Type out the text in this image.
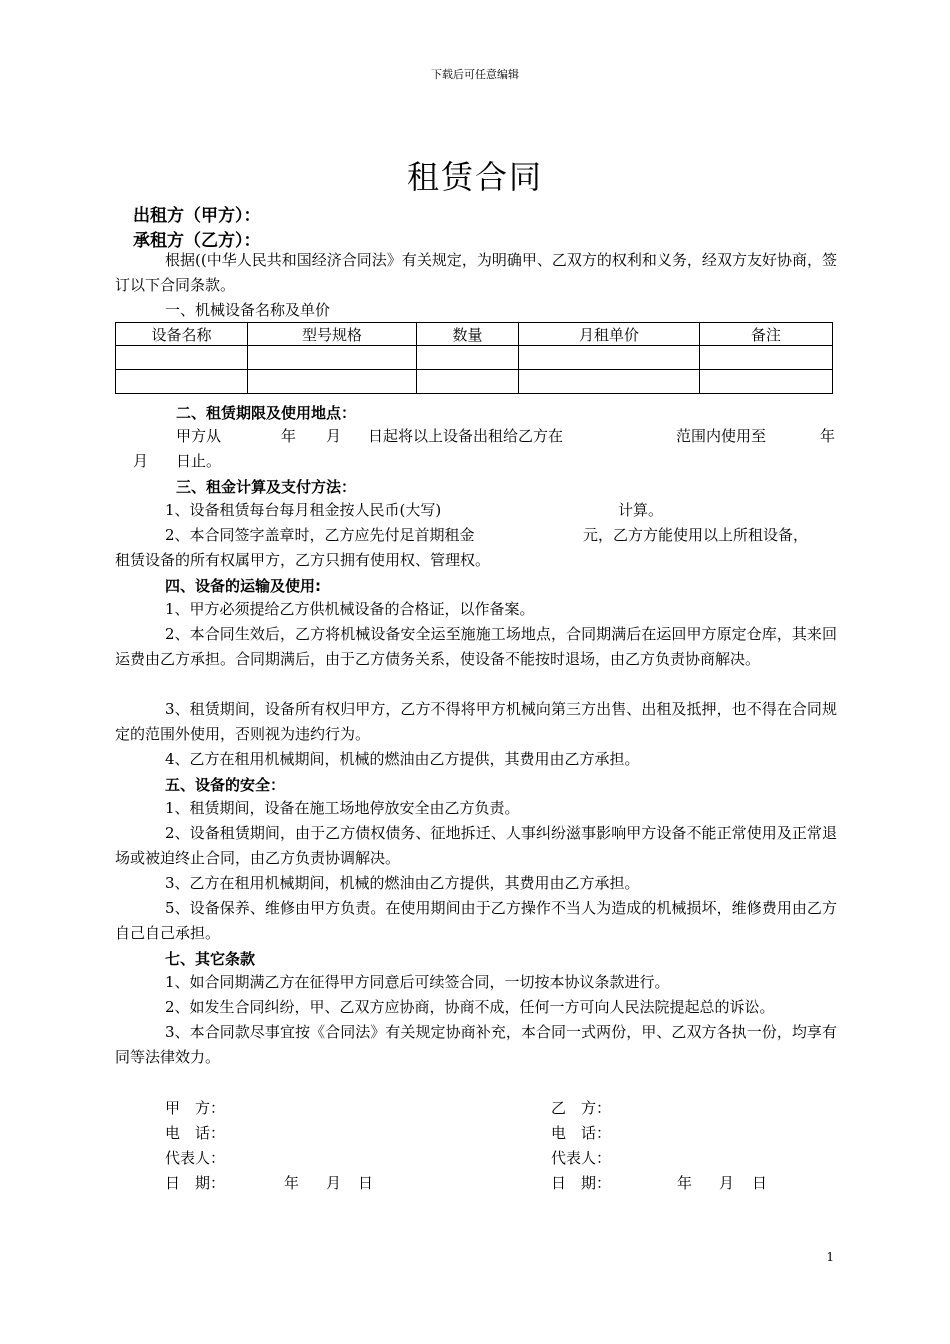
下载后可任意编辑
租赁合同
出租方（甲方）：
承租方（乙方）：
根据((中华人民共和国经济合同法》有关规定，为明确甲、乙双方的权利和义务，经双方友好协商，签订以下合同条款。
一、机械设备名称及单价
设备名称	型号规格	数量	月租单价	备注

二、租赁期限及使用地点：
甲方从	年 月 日起将以上设备出租给乙方在	范围内使用至	年
月 日止。
三、租金计算及支付方法：
1、设备租赁每台每月租金按人民币(大写)	计算。
2、本合同签字盖章时，乙方应先付足首期租金	元，乙方方能使用以上所租设备，
租赁设备的所有权属甲方，乙方只拥有使用权、管理权。
四、设备的运输及使用:
1、甲方必须提给乙方供机械设备的合格证，以作备案。
2、本合同生效后，乙方将机械设备安全运至施施工场地点，合同期满后在运回甲方原定仓库，其来回运费由乙方承担。合同期满后，由于乙方债务关系，使设备不能按时退场，由乙方负责协商解决。
3、租赁期间，设备所有权归甲方，乙方不得将甲方机械向第三方出售、出租及抵押，也不得在合同规定的范围外使用，否则视为违约行为。
4、乙方在租用机械期间，机械的燃油由乙方提供，其费用由乙方承担。
五、设备的安全：
1、租赁期间，设备在施工场地停放安全由乙方负责。
2、设备租赁期间，由于乙方债权债务、征地拆迁、人事纠纷滋事影响甲方设备不能正常使用及正常退场或被迫终止合同，由乙方负责协调解决。
3、乙方在租用机械期间，机械的燃油由乙方提供，其费用由乙方承担。
5、设备保养、维修由甲方负责。在使用期间由于乙方操作不当人为造成的机械损坏，维修费用由乙方自己自己承担。
七、其它条款
1、如合同期满乙方在征得甲方同意后可续签合同，一切按本协议条款进行。
2、如发生合同纠纷，甲、乙双方应协商，协商不成，任何一方可向人民法院提起总的诉讼。
3、本合同款尽事宜按《合同法》有关规定协商补充，本合同一式两份，甲、乙双方各执一份，均享有同等法律效力。
甲　方：	乙　方：
电　话：	电　话：
代表人：	代表人：
日　期：	年 月 日	日　期：	年 月 日
1
